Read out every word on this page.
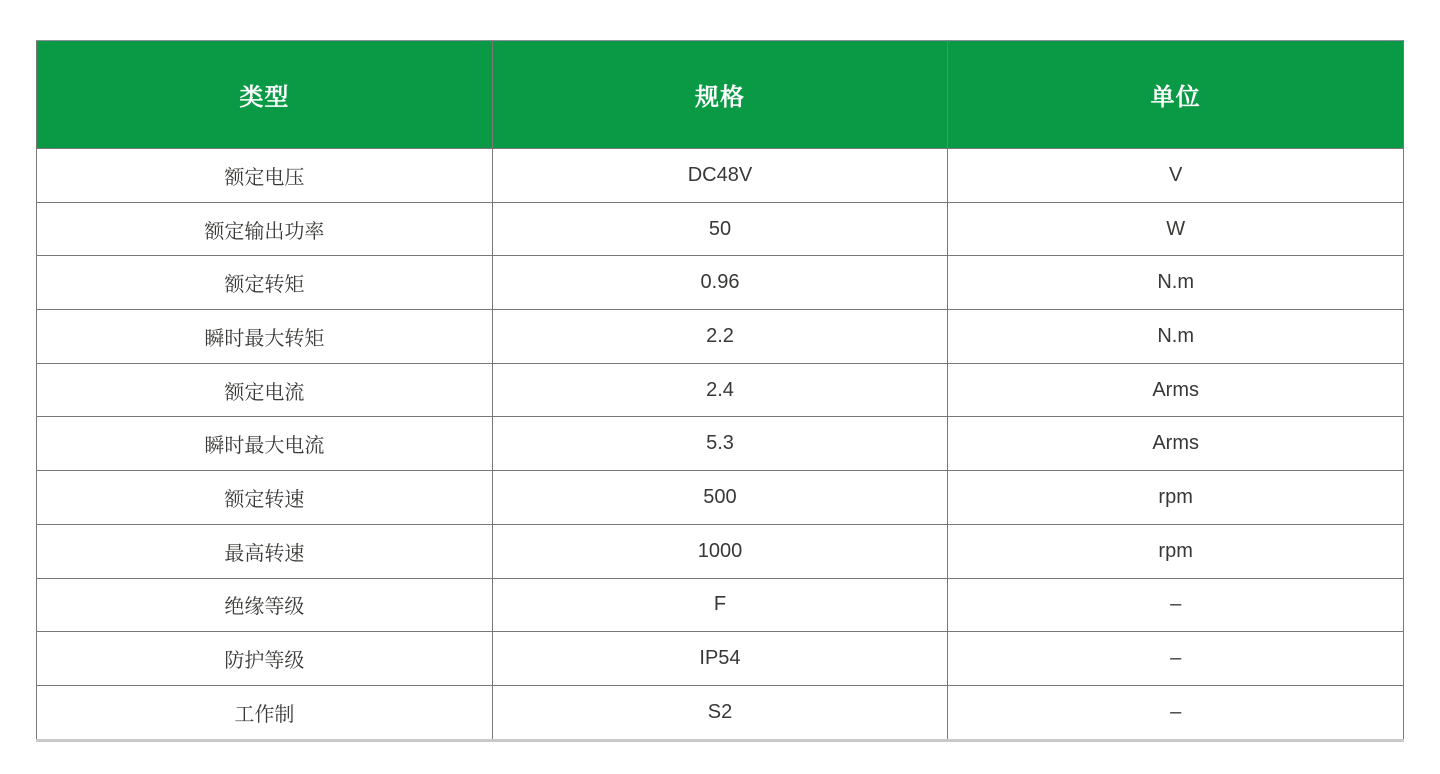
类型	规格	单位
额定电压	DC48V	V
额定输出功率	50	W
额定转矩	0.96	N.m
瞬时最大转矩	2.2	N.m
额定电流	2.4	Arms
瞬时最大电流	5.3	Arms
额定转速	500	rpm
最高转速	1000	rpm
绝缘等级	F	–
防护等级	IP54	–
工作制	S2	–
